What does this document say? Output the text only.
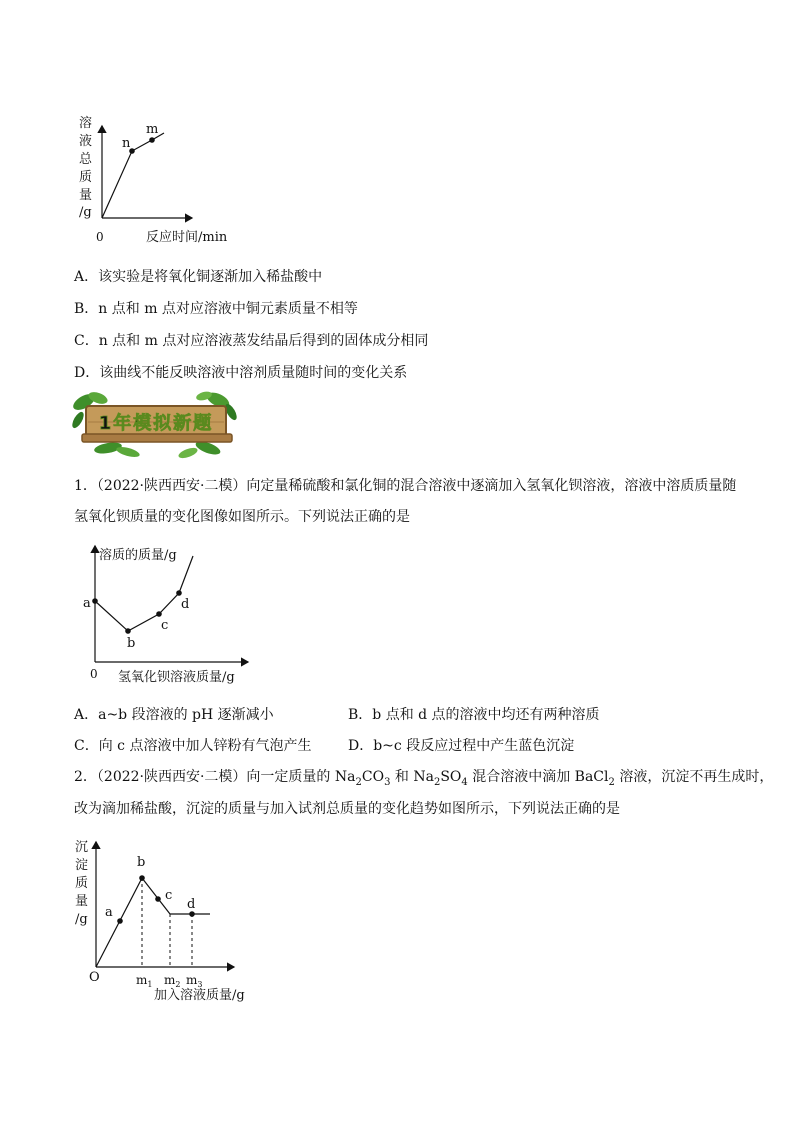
n
m
溶
液
总
质
量
/g
0	反应时间/min
A．该实验是将氧化铜逐渐加入稀盐酸中
B．n 点和 m 点对应溶液中铜元素质量不相等
C．n 点和 m 点对应溶液蒸发结晶后得到的固体成分相同
D．该曲线不能反映溶液中溶剂质量随时间的变化关系
1年模拟新题
1．（2022·陕西西安·二模）向定量稀硫酸和氯化铜的混合溶液中逐滴加入氢氧化钡溶液，溶液中溶质质量随
氢氧化钡质量的变化图像如图所示。下列说法正确的是
a
b
c
d
溶质的质量/g
0 氢氧化钡溶液质量/g
A．a~b 段溶液的 pH 逐渐减小	B．b 点和 d 点的溶液中均还有两种溶质
C．向 c 点溶液中加人锌粉有气泡产生	D．b~c 段反应过程中产生蓝色沉淀
2．（2022·陕西西安·二模）向一定质量的 $Na_2CO_3$ 和 $Na_2SO_4$ 混合溶液中滴加 BaCl$_2$ 溶液，沉淀不再生成时，
改为滴加稀盐酸，沉淀的质量与加入试剂总质量的变化趋势如图所示，下列说法正确的是
a
b
c
d
沉
淀
质
量
/g
O	$m_1$ $m_2$ $m_3$
加入溶液质量/g
